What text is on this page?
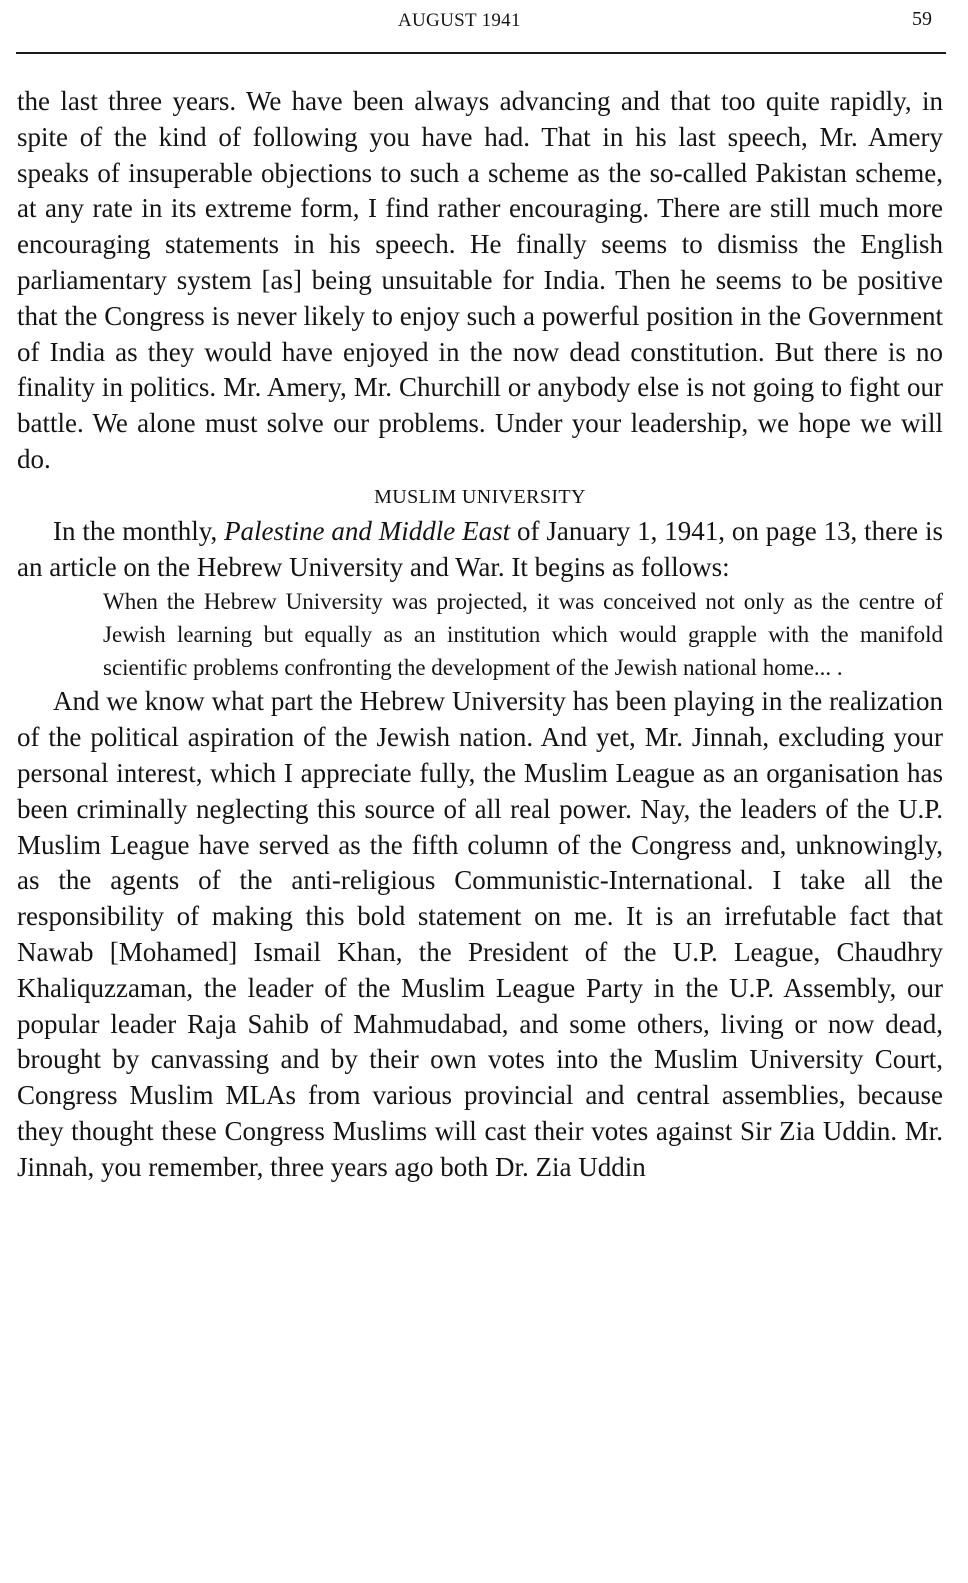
AUGUST 1941	59

the last three years. We have been always advancing and that too quite rapidly, in spite of the kind of following you have had. That in his last speech, Mr. Amery speaks of insuperable objections to such a scheme as the so-called Pakistan scheme, at any rate in its extreme form, I find rather encouraging. There are still much more encouraging statements in his speech. He finally seems to dismiss the English parliamentary system [as] being unsuitable for India. Then he seems to be positive that the Congress is never likely to enjoy such a powerful position in the Government of India as they would have enjoyed in the now dead constitution. But there is no finality in politics. Mr. Amery, Mr. Churchill or anybody else is not going to fight our battle. We alone must solve our problems. Under your leadership, we hope we will do.

MUSLIM UNIVERSITY

In the monthly, Palestine and Middle East of January 1, 1941, on page 13, there is an article on the Hebrew University and War. It begins as follows:

When the Hebrew University was projected, it was conceived not only as the centre of Jewish learning but equally as an institution which would grapple with the manifold scientific problems confronting the development of the Jewish national home... .

And we know what part the Hebrew University has been playing in the realization of the political aspiration of the Jewish nation. And yet, Mr. Jinnah, excluding your personal interest, which I appreciate fully, the Muslim League as an organisation has been criminally neglecting this source of all real power. Nay, the leaders of the U.P. Muslim League have served as the fifth column of the Congress and, unknowingly, as the agents of the anti-religious Communistic-International. I take all the responsibility of making this bold statement on me. It is an irrefutable fact that Nawab [Mohamed] Ismail Khan, the President of the U.P. League, Chaudhry Khaliquzzaman, the leader of the Muslim League Party in the U.P. Assembly, our popular leader Raja Sahib of Mahmudabad, and some others, living or now dead, brought by canvassing and by their own votes into the Muslim University Court, Congress Muslim MLAs from various provincial and central assemblies, because they thought these Congress Muslims will cast their votes against Sir Zia Uddin. Mr. Jinnah, you remember, three years ago both Dr. Zia Uddin
